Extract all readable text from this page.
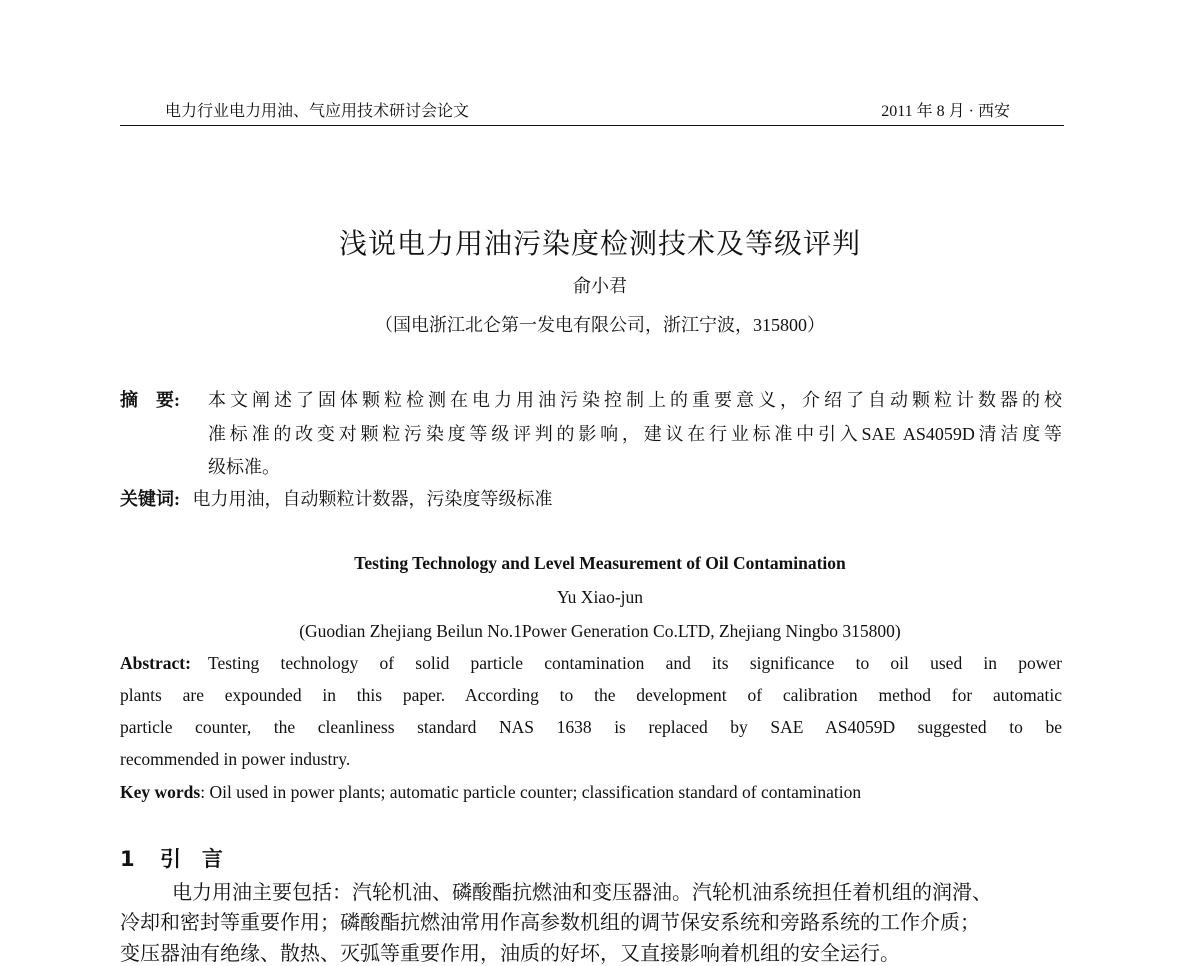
电力行业电力用油、气应用技术研讨会论文	2011 年 8 月 · 西安
浅说电力用油污染度检测技术及等级评判
俞小君
（国电浙江北仑第一发电有限公司，浙江宁波，315800）
摘　要: 本文阐述了固体颗粒检测在电力用油污染控制上的重要意义，介绍了自动颗粒计数器的校
准标准的改变对颗粒污染度等级评判的影响，建议在行业标准中引入SAE AS4059D清洁度等
级标准。
关键词: 电力用油，自动颗粒计数器，污染度等级标准
Testing Technology and Level Measurement of Oil Contamination
Yu Xiao-jun
(Guodian Zhejiang Beilun No.1Power Generation Co.LTD, Zhejiang Ningbo 315800)
Abstract: Testing technology of solid particle contamination and its significance to oil used in power
plants are expounded in this paper. According to the development of calibration method for automatic
particle counter, the cleanliness standard NAS 1638 is replaced by SAE AS4059D suggested to be
recommended in power industry.
Key words: Oil used in power plants; automatic particle counter; classification standard of contamination
1 引　言
电力用油主要包括：汽轮机油、磷酸酯抗燃油和变压器油。汽轮机油系统担任着机组的润滑、
冷却和密封等重要作用；磷酸酯抗燃油常用作高参数机组的调节保安系统和旁路系统的工作介质；
变压器油有绝缘、散热、灭弧等重要作用，油质的好坏，又直接影响着机组的安全运行。
